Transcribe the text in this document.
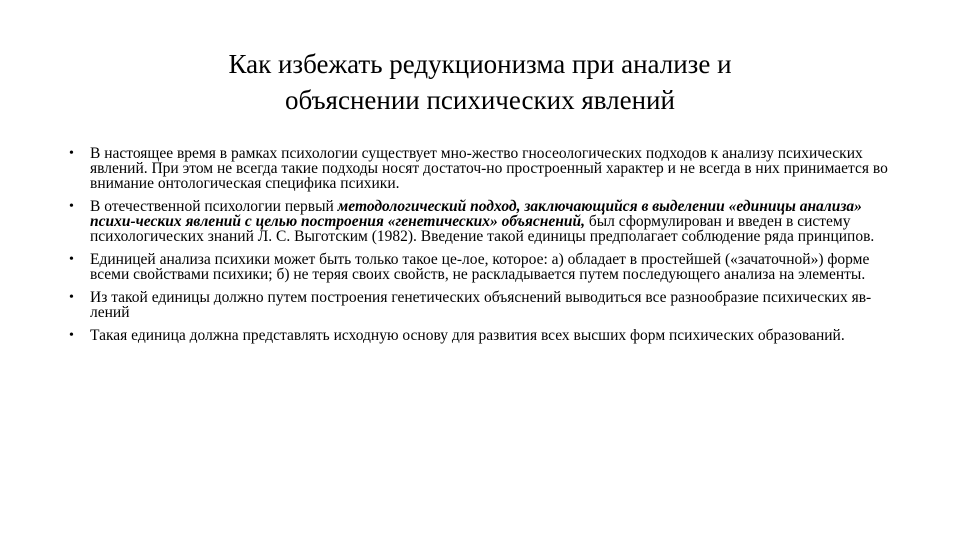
Как избежать редукционизма при анализе и
объяснении психических явлений
•	В настоящее время в рамках психологии существует мно-жество гносеологических подходов к анализу психических явлений. При этом не всегда такие подходы носят достаточ-но простроенный характер и не всегда в них принимается во внимание онтологическая специфика психики.
•	В отечественной психологии первый методологический подход, заключающийся в выделении «единицы анализа» психи-ческих явлений с целью построения «генетических» объяснений, был сформулирован и введен в систему психологических знаний Л. С. Выготским (1982). Введение такой единицы предполагает соблюдение ряда принципов.
•	Единицей анализа психики может быть только такое це-лое, которое: а) обладает в простейшей («зачаточной») форме всеми свойствами психики; б) не теряя своих свойств, не раскладывается путем последующего анализа на элементы.
•	Из такой единицы должно путем построения генетических объяснений выводиться все разнообразие психических яв-лений
•	Такая единица должна представлять исходную основу для развития всех высших форм психических образований.
